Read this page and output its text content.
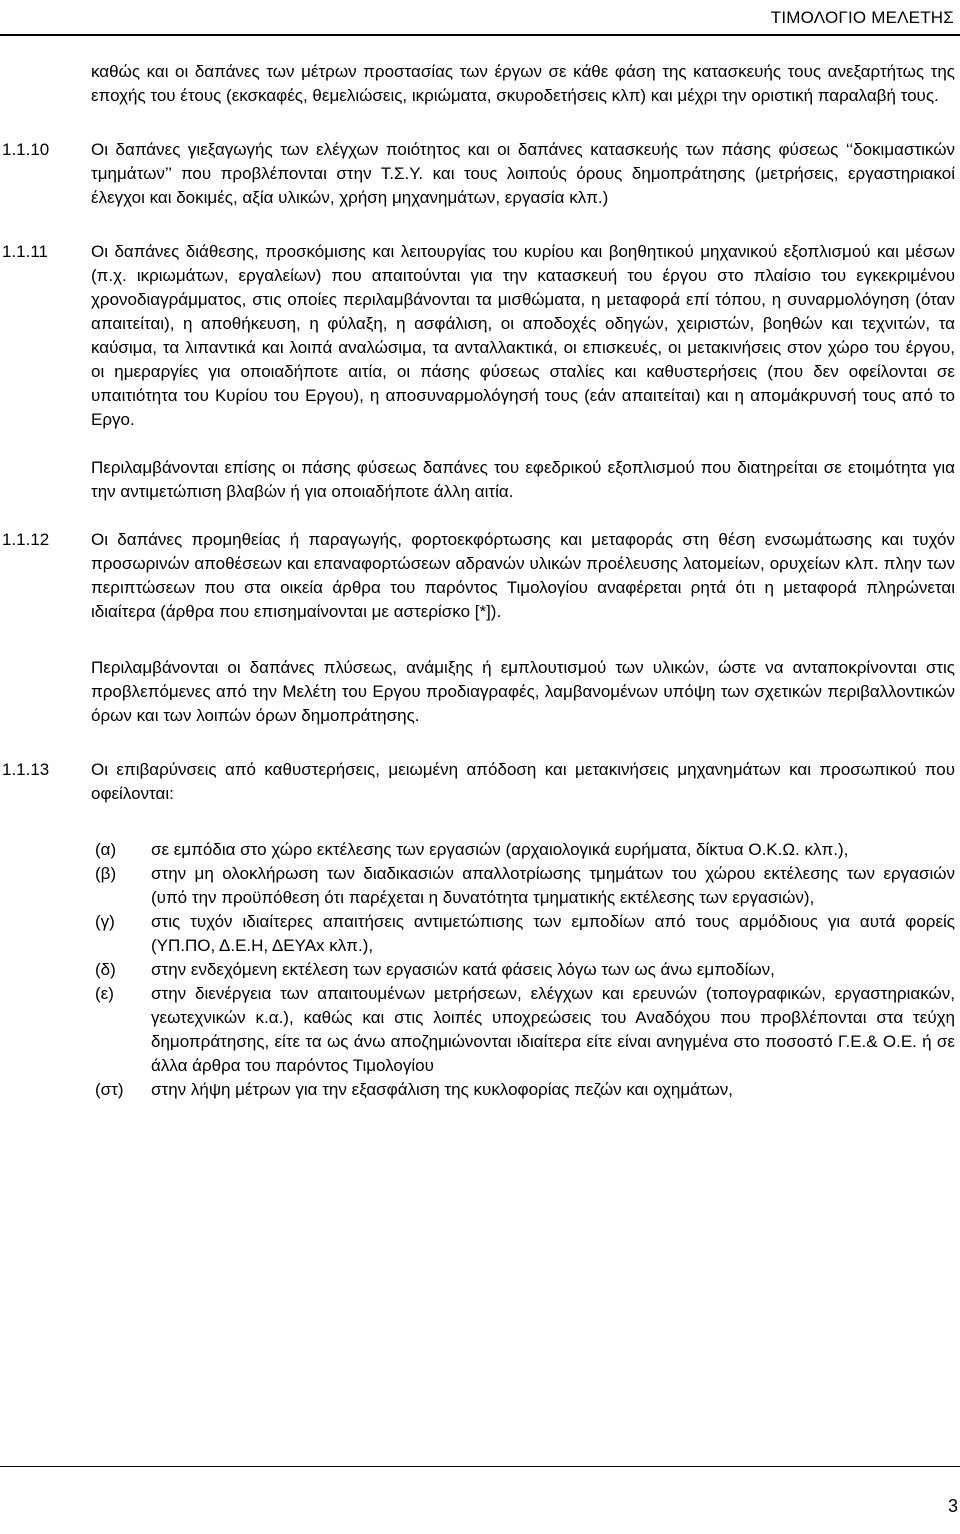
ΤΙΜΟΛΟΓΙΟ ΜΕΛΕΤΗΣ
καθώς και οι δαπάνες των μέτρων προστασίας των έργων σε κάθε φάση της κατασκευής τους ανεξαρτήτως της εποχής του έτους (εκσκαφές, θεμελιώσεις, ικριώματα, σκυροδετήσεις κλπ) και μέχρι την οριστική παραλαβή τους.
1.1.10 Οι δαπάνες γιεξαγωγής των ελέγχων ποιότητος και οι δαπάνες κατασκευής των πάσης φύσεως ‘‘δοκιμαστικών τμημάτων’’ που προβλέπονται στην Τ.Σ.Υ. και τους λοιπούς όρους δημοπράτησης (μετρήσεις, εργαστηριακοί έλεγχοι και δοκιμές, αξία υλικών, χρήση μηχανημάτων, εργασία κλπ.)
1.1.11	Οι δαπάνες διάθεσης, προσκόμισης και λειτουργίας του κυρίου και βοηθητικού μηχανικού εξοπλισμού και μέσων (π.χ. ικριωμάτων, εργαλείων) που απαιτούνται για την κατασκευή του έργου στο πλαίσιο του εγκεκριμένου χρονοδιαγράμματος, στις οποίες περιλαμβάνονται τα μισθώματα, η μεταφορά επί τόπου, η συναρμολόγηση (όταν απαιτείται), η αποθήκευση, η φύλαξη, η ασφάλιση, οι αποδοχές οδηγών, χειριστών, βοηθών και τεχνιτών, τα καύσιμα, τα λιπαντικά και λοιπά αναλώσιμα, τα ανταλλακτικά, οι επισκευές, οι μετακινήσεις στον χώρο του έργου, οι ημεραργίες για οποιαδήποτε αιτία, οι πάσης φύσεως σταλίες και καθυστερήσεις (που δεν οφείλονται σε υπαιτιότητα του Κυρίου του Εργου), η αποσυναρμολόγησή τους (εάν απαιτείται) και η απομάκρυνσή τους από το Εργο.
Περιλαμβάνονται επίσης οι πάσης φύσεως δαπάνες του εφεδρικού εξοπλισμού που διατηρείται σε ετοιμότητα για την αντιμετώπιση βλαβών ή για οποιαδήποτε άλλη αιτία.
1.1.12 Οι δαπάνες προμηθείας ή παραγωγής, φορτοεκφόρτωσης και μεταφοράς στη θέση ενσωμάτωσης και τυχόν προσωρινών αποθέσεων και επαναφορτώσεων αδρανών υλικών προέλευσης λατομείων, ορυχείων κλπ. πλην των περιπτώσεων που στα οικεία άρθρα του παρόντος Τιμολογίου αναφέρεται ρητά ότι η μεταφορά πληρώνεται ιδιαίτερα (άρθρα που επισημαίνονται με αστερίσκο [*]).
Περιλαμβάνονται οι δαπάνες πλύσεως, ανάμιξης ή εμπλουτισμού των υλικών, ώστε να ανταποκρίνονται στις προβλεπόμενες από την Μελέτη του Εργου προδιαγραφές, λαμβανομένων υπόψη των σχετικών περιβαλλοντικών όρων και των λοιπών όρων δημοπράτησης.
1.1.13 Οι επιβαρύνσεις από καθυστερήσεις, μειωμένη απόδοση και μετακινήσεις μηχανημάτων και προσωπικού που οφείλονται:
(α) σε εμπόδια στο χώρο εκτέλεσης των εργασιών (αρχαιολογικά ευρήματα, δίκτυα Ο.Κ.Ω. κλπ.),
(β) στην μη ολοκλήρωση των διαδικασιών απαλλοτρίωσης τμημάτων του χώρου εκτέλεσης των εργασιών (υπό την προϋπόθεση ότι παρέχεται η δυνατότητα τμηματικής εκτέλεσης των εργασιών),
(γ) στις τυχόν ιδιαίτερες απαιτήσεις αντιμετώπισης των εμποδίων από τους αρμόδιους για αυτά φορείς (ΥΠ.ΠΟ, Δ.Ε.Η, ΔΕΥΑx κλπ.),
(δ) στην ενδεχόμενη εκτέλεση των εργασιών κατά φάσεις λόγω των ως άνω εμποδίων,
(ε) στην διενέργεια των απαιτουμένων μετρήσεων, ελέγχων και ερευνών (τοπογραφικών, εργαστηριακών, γεωτεχνικών κ.α.), καθώς και στις λοιπές υποχρεώσεις του Αναδόχου που προβλέπονται στα τεύχη δημοπράτησης, είτε τα ως άνω αποζημιώνονται ιδιαίτερα είτε είναι ανηγμένα στο ποσοστό Γ.Ε.& Ο.Ε. ή σε άλλα άρθρα του παρόντος Τιμολογίου
(στ) στην λήψη μέτρων για την εξασφάλιση της κυκλοφορίας πεζών και οχημάτων,
3
